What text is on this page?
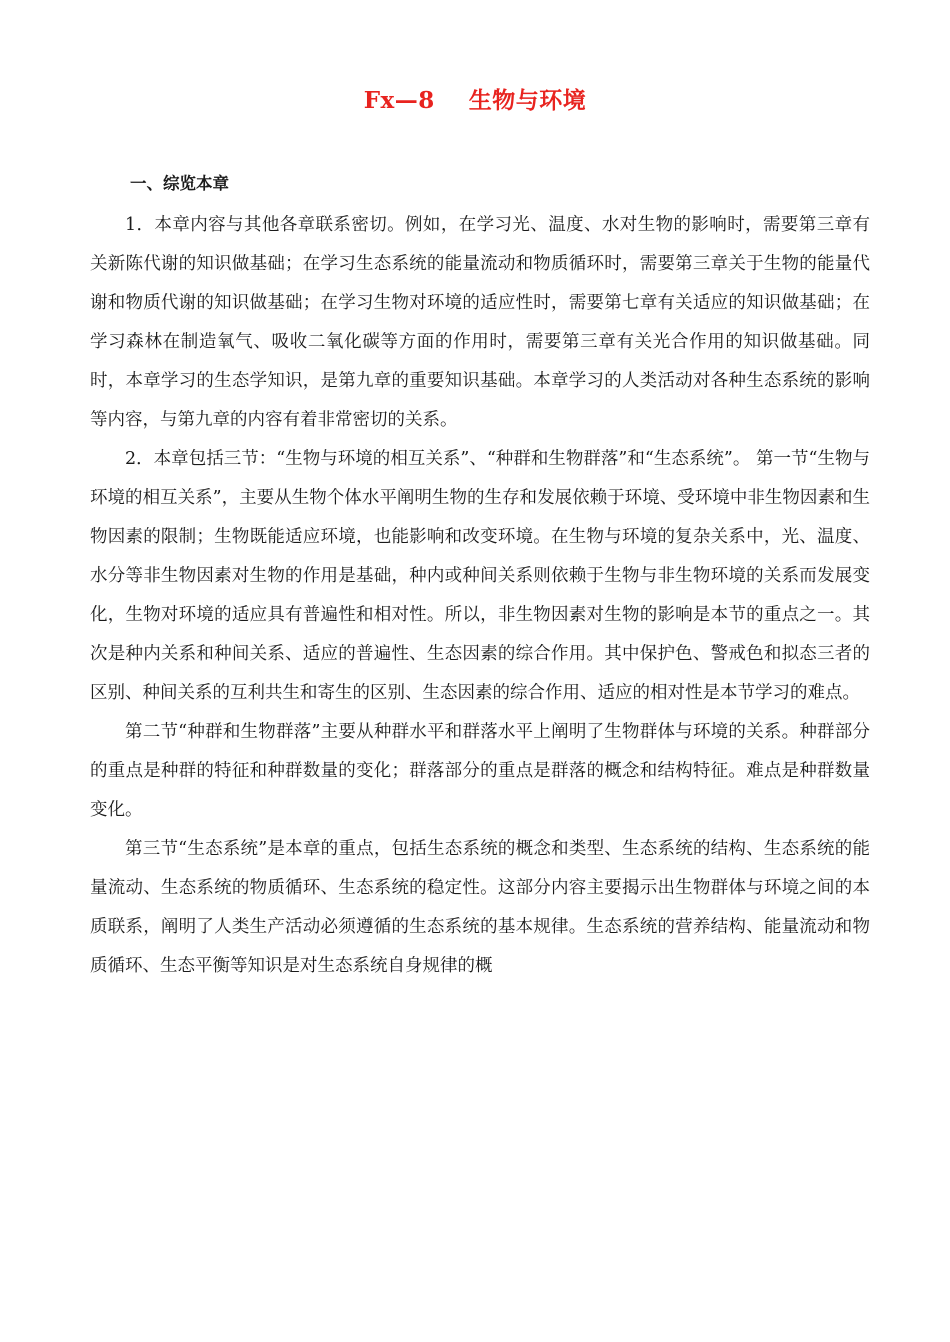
Fx—8    生物与环境
一、综览本章

1．本章内容与其他各章联系密切。例如，在学习光、温度、水对生物的影响时，需要第三章有关新陈代谢的知识做基础；在学习生态系统的能量流动和物质循环时，需要第三章关于生物的能量代谢和物质代谢的知识做基础；在学习生物对环境的适应性时，需要第七章有关适应的知识做基础；在学习森林在制造氧气、吸收二氧化碳等方面的作用时，需要第三章有关光合作用的知识做基础。同时，本章学习的生态学知识，是第九章的重要知识基础。本章学习的人类活动对各种生态系统的影响等内容，与第九章的内容有着非常密切的关系。

2．本章包括三节：“生物与环境的相互关系”、“种群和生物群落”和“生态系统”。 第一节“生物与环境的相互关系”，主要从生物个体水平阐明生物的生存和发展依赖于环境、受环境中非生物因素和生物因素的限制；生物既能适应环境，也能影响和改变环境。在生物与环境的复杂关系中，光、温度、水分等非生物因素对生物的作用是基础，种内或种间关系则依赖于生物与非生物环境的关系而发展变化，生物对环境的适应具有普遍性和相对性。所以，非生物因素对生物的影响是本节的重点之一。其次是种内关系和种间关系、适应的普遍性、生态因素的综合作用。其中保护色、警戒色和拟态三者的区别、种间关系的互利共生和寄生的区别、生态因素的综合作用、适应的相对性是本节学习的难点。

第二节“种群和生物群落”主要从种群水平和群落水平上阐明了生物群体与环境的关系。种群部分的重点是种群的特征和种群数量的变化；群落部分的重点是群落的概念和结构特征。难点是种群数量变化。

第三节“生态系统”是本章的重点，包括生态系统的概念和类型、生态系统的结构、生态系统的能量流动、生态系统的物质循环、生态系统的稳定性。这部分内容主要揭示出生物群体与环境之间的本质联系，阐明了人类生产活动必须遵循的生态系统的基本规律。生态系统的营养结构、能量流动和物质循环、生态平衡等知识是对生态系统自身规律的概
